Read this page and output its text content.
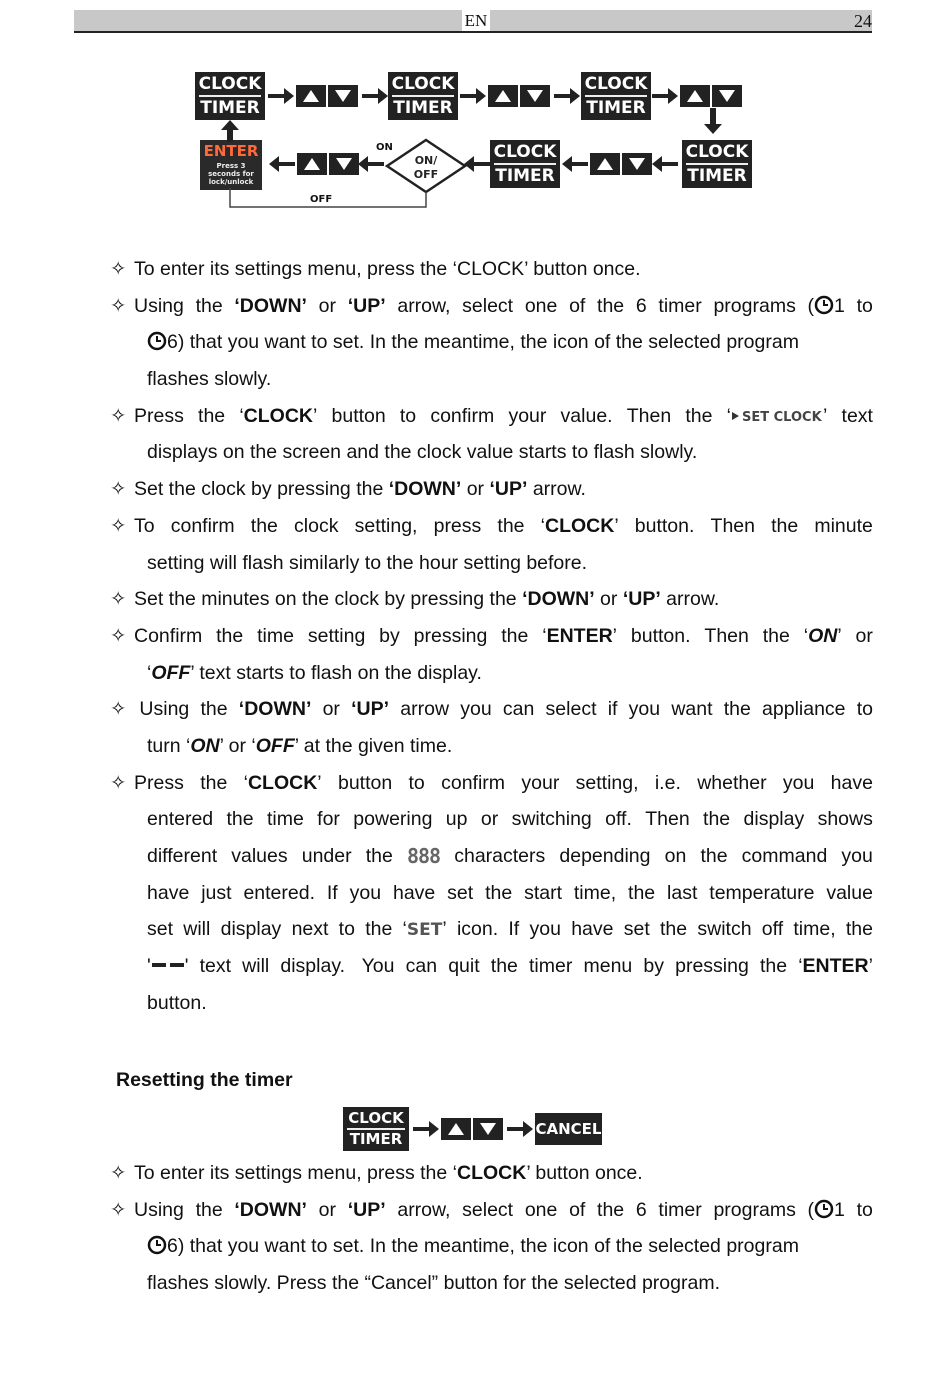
EN	24
CLOCK
TIMER
CLOCK
TIMER
CLOCK
TIMER
CLOCK
TIMER
CLOCK
TIMER
ON/
OFF
ON
ENTER
Press 3 seconds for lock/unlock
OFF
✧ To enter its settings menu, press the ‘CLOCK’ button once.
✧ Using the ‘DOWN’ or ‘UP’ arrow, select one of the 6 timer programs ( 1 to
6) that you want to set. In the meantime, the icon of the selected program
flashes slowly.
✧ Press the ‘CLOCK’ button to confirm your value. Then the ‘ SET CLOCK ’ text
displays on the screen and the clock value starts to flash slowly.
✧ Set the clock by pressing the ‘DOWN’ or ‘UP’ arrow.
✧ To confirm the clock setting, press the ‘CLOCK’ button. Then the minute
setting will flash similarly to the hour setting before.
✧ Set the minutes on the clock by pressing the ‘DOWN’ or ‘UP’ arrow.
✧ Confirm the time setting by pressing the ‘ENTER’ button. Then the ‘ON’ or
‘OFF’ text starts to flash on the display.
✧ Using the ‘DOWN’ or ‘UP’ arrow you can select if you want the appliance to
turn ‘ON’ or ‘OFF’ at the given time.
✧ Press the ‘CLOCK’ button to confirm your setting, i.e. whether you have
entered the time for powering up or switching off. Then the display shows
different values under the 888 characters depending on the command you
have just entered. If you have set the start time, the last temperature value
set will display next to the ‘SET’ icon. If you have set the switch off time, the
' ' text will display. You can quit the timer menu by pressing the ‘ENTER’
button.
Resetting the timer
CLOCK
TIMER
CANCEL
✧ To enter its settings menu, press the ‘CLOCK’ button once.
✧ Using the ‘DOWN’ or ‘UP’ arrow, select one of the 6 timer programs ( 1 to
6) that you want to set. In the meantime, the icon of the selected program
flashes slowly. Press the “Cancel” button for the selected program.
